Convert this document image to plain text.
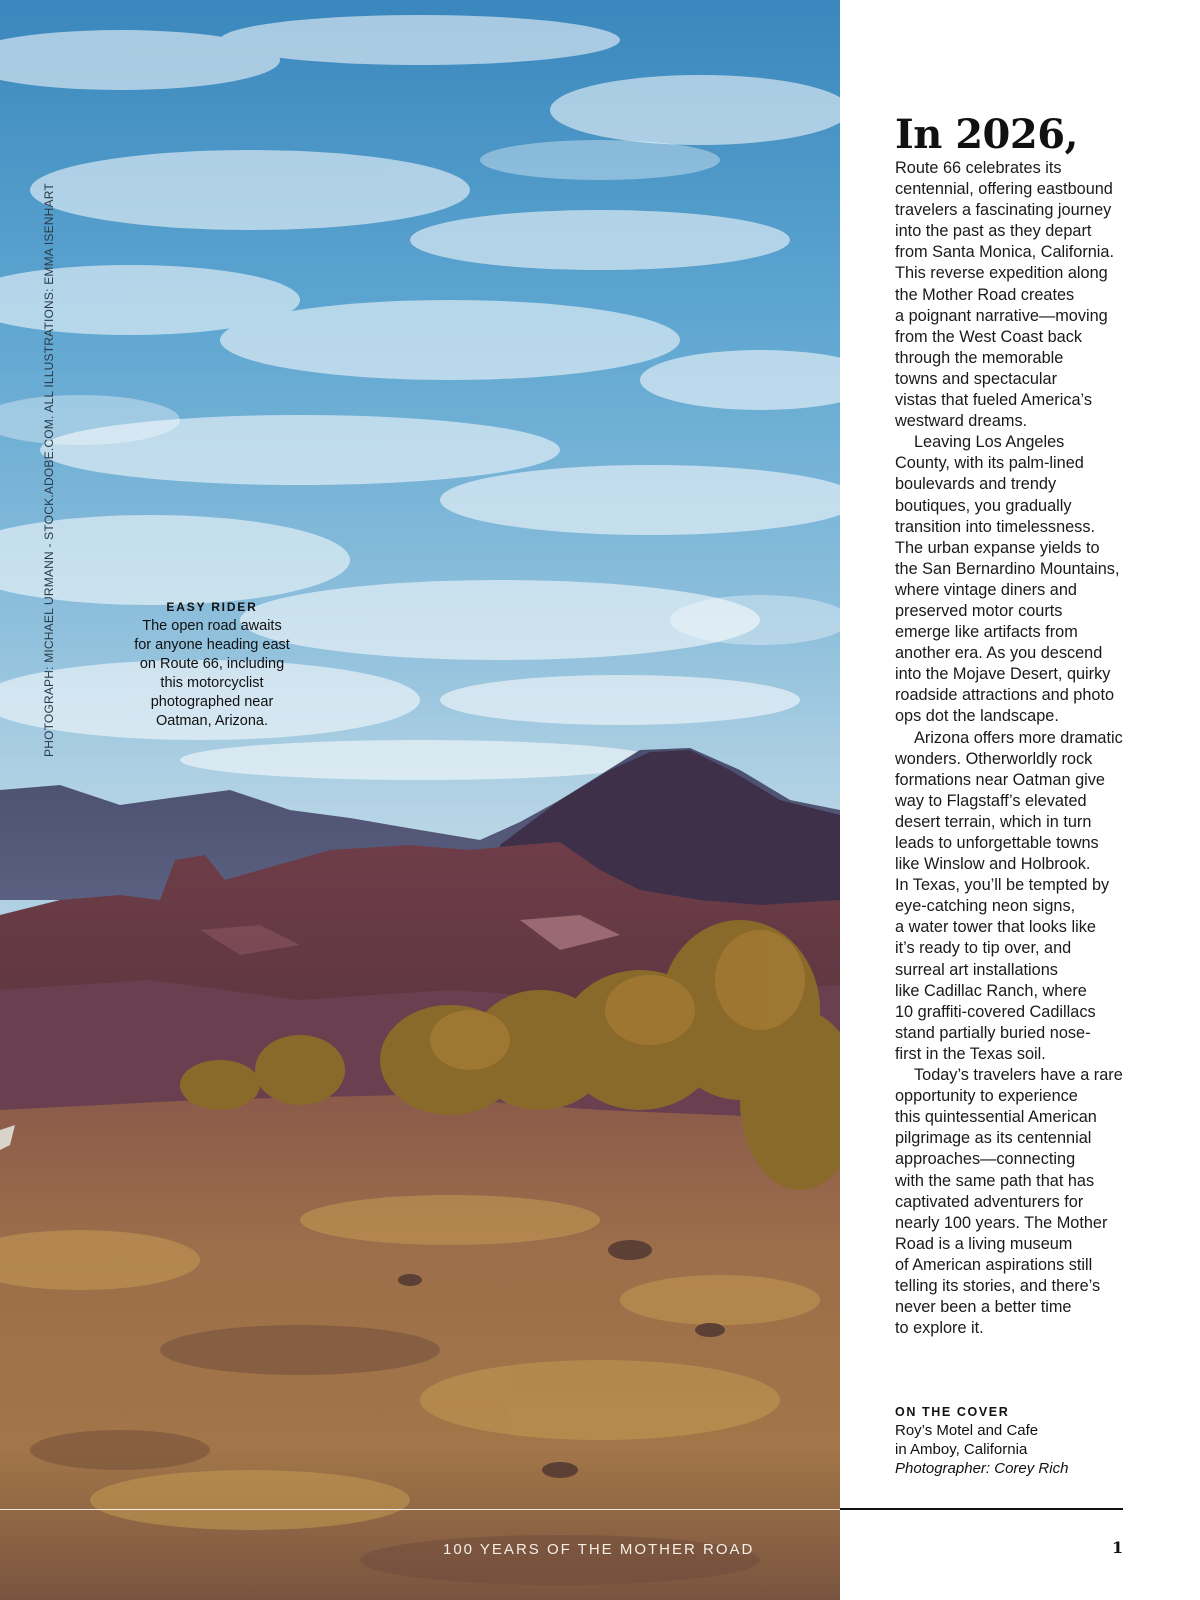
PHOTOGRAPH: MICHAEL URMANN - STOCK.ADOBE.COM. ALL ILLUSTRATIONS: EMMA ISENHART	EASY RIDER
The open road awaits
for anyone heading east
on Route 66, including
this motorcyclist
photographed near
Oatman, Arizona.
In 2026,

Route 66 celebrates its
centennial, offering eastbound
travelers a fascinating journey
into the past as they depart
from Santa Monica, California.
This reverse expedition along
the Mother Road creates
a poignant narrative—moving
from the West Coast back
through the memorable
towns and spectacular
vistas that fueled America’s
westward dreams.

Leaving Los Angeles
County, with its palm-lined
boulevards and trendy
boutiques, you gradually
transition into timelessness.
The urban expanse yields to
the San Bernardino Mountains,
where vintage diners and
preserved motor courts
emerge like artifacts from
another era. As you descend
into the Mojave Desert, quirky
roadside attractions and photo
ops dot the landscape.

Arizona offers more dramatic
wonders. Otherworldly rock
formations near Oatman give
way to Flagstaff’s elevated
desert terrain, which in turn
leads to unforgettable towns
like Winslow and Holbrook.
In Texas, you’ll be tempted by
eye-catching neon signs,
a water tower that looks like
it’s ready to tip over, and
surreal art installations
like Cadillac Ranch, where
10 graffiti-covered Cadillacs
stand partially buried nose-
first in the Texas soil.

Today’s travelers have a rare
opportunity to experience
this quintessential American
pilgrimage as its centennial
approaches—connecting
with the same path that has
captivated adventurers for
nearly 100 years. The Mother
Road is a living museum
of American aspirations still
telling its stories, and there’s
never been a better time
to explore it.

ON THE COVER
Roy’s Motel and Cafe
in Amboy, California
Photographer: Corey Rich
100 YEARS OF THE MOTHER ROAD	1
